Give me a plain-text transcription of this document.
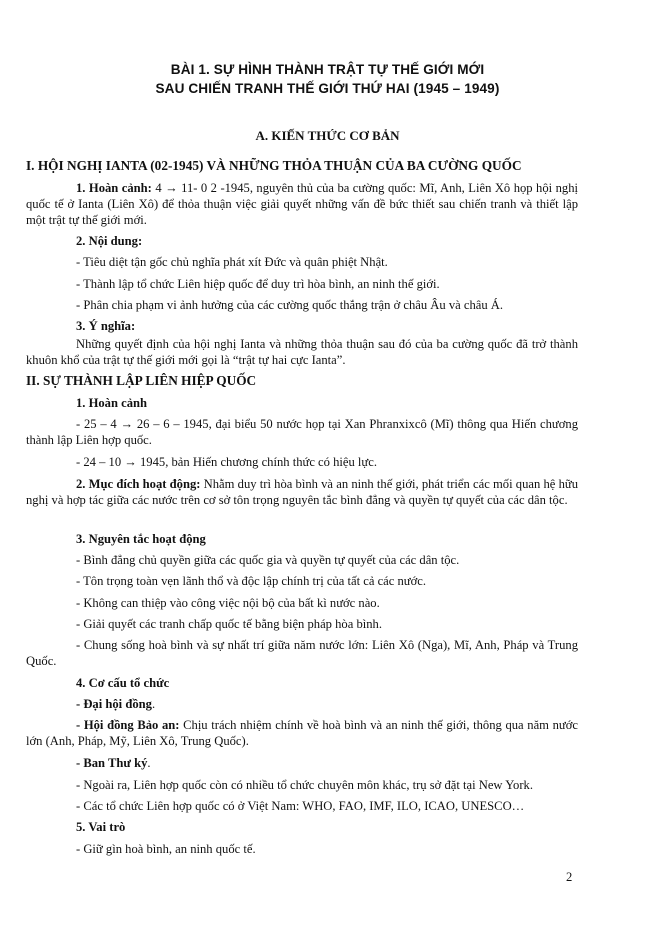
BÀI 1. SỰ HÌNH THÀNH TRẬT TỰ THẾ GIỚI MỚI
SAU CHIẾN TRANH THẾ GIỚI THỨ HAI (1945 – 1949)
A. KIẾN THỨC CƠ BẢN
I. HỘI NGHỊ IANTA (02-1945) VÀ NHỮNG THỎA THUẬN CỦA BA CƯỜNG QUỐC
1. Hoàn cảnh: 4 → 11- 0 2 -1945, nguyên thủ của ba cường quốc: Mĩ, Anh, Liên Xô họp hội nghị quốc tế ở Ianta (Liên Xô) để thỏa thuận việc giải quyết những vấn đề bức thiết sau chiến tranh và thiết lập một trật tự thế giới mới.
2. Nội dung:
- Tiêu diệt tận gốc chủ nghĩa phát xít Đức và quân phiệt Nhật.
- Thành lập tổ chức Liên hiệp quốc để duy trì hòa bình, an ninh thế giới.
- Phân chia phạm vi ảnh hưởng của các cường quốc thắng trận ở châu Âu và châu Á.
3. Ý nghĩa:
Những quyết định của hội nghị Ianta và những thỏa thuận sau đó của ba cường quốc đã trở thành khuôn khổ của trật tự thế giới mới gọi là “trật tự hai cực Ianta”.
II. SỰ THÀNH LẬP LIÊN HIỆP QUỐC
1. Hoàn cảnh
- 25 – 4 → 26 – 6 – 1945, đại biểu 50 nước họp tại Xan Phranxixcô (Mĩ) thông qua Hiến chương thành lập Liên hợp quốc.
- 24 – 10 → 1945, bản Hiến chương chính thức có hiệu lực.
2. Mục đích hoạt động: Nhằm duy trì hòa bình và an ninh thế giới, phát triển các mối quan hệ hữu nghị và hợp tác giữa các nước trên cơ sở tôn trọng nguyên tắc bình đẳng và quyền tự quyết của các dân tộc.
3. Nguyên tắc hoạt động
- Bình đẳng chủ quyền giữa các quốc gia và quyền tự quyết của các dân tộc.
- Tôn trọng toàn vẹn lãnh thổ và độc lập chính trị của tất cả các nước.
- Không can thiệp vào công việc nội bộ của bất kì nước nào.
- Giải quyết các tranh chấp quốc tế bằng biện pháp hòa bình.
- Chung sống hoà bình và sự nhất trí giữa năm nước lớn: Liên Xô (Nga), Mĩ, Anh, Pháp và Trung Quốc.
4. Cơ cấu tổ chức
- Đại hội đồng.
- Hội đồng Bảo an: Chịu trách nhiệm chính về hoà bình và an ninh thế giới, thông qua năm nước lớn (Anh, Pháp, Mỹ, Liên Xô, Trung Quốc).
- Ban Thư ký.
- Ngoài ra, Liên hợp quốc còn có nhiều tổ chức chuyên môn khác, trụ sở đặt tại New York.
- Các tổ chức Liên hợp quốc có ở Việt Nam: WHO, FAO, IMF, ILO, ICAO, UNESCO…
5. Vai trò
- Giữ gìn hoà bình, an ninh quốc tế.
2
